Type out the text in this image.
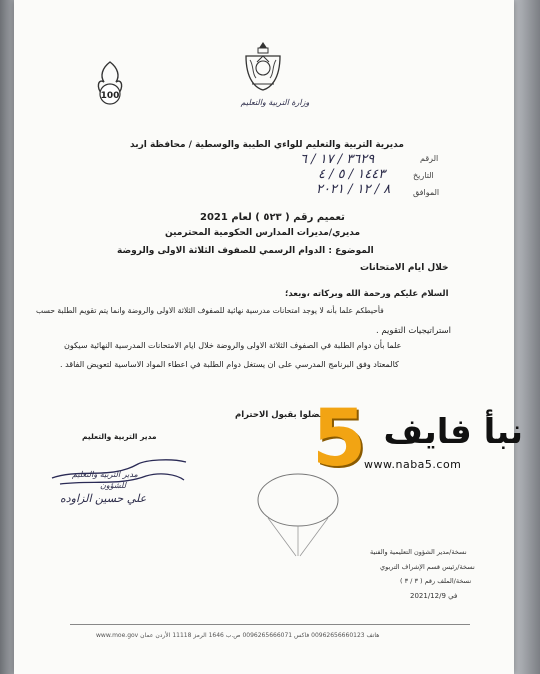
100
وزارة التربية والتعليم
مديرية التربية والتعليم للواءي الطيبة والوسطية / محافظة اربد
الرقم
٣٦٢٩ / ١٧ / ٦
التاريخ
١٤٤٣ / ٥ / ٤
الموافق
٨ / ١٢ / ٢٠٢١
تعميم رقم ( ٥٢٣ ) لعام 2021
مديري/مديرات المدارس الحكومية المحترمين
الموضوع : الدوام الرسمي للصفوف الثلاثة الاولى والروضة
خلال ايام الامتحانات
السلام عليكم ورحمة الله وبركاته ،وبعد؛
فأحيطكم علما بأنه لا يوجد امتحانات مدرسية نهائية للصفوف الثلاثة الاولى والروضة وانما يتم تقويم الطلبة حسب
استراتيجيات التقويم .
علما بأن دوام الطلبة في الصفوف الثلاثة الاولى والروضة خلال ايام الامتحانات المدرسية النهائية سيكون
كالمعتاد وفق البرنامج المدرسي على ان يستغل دوام الطلبة في اعطاء المواد الاساسية لتعويض الفاقد .
وتفضلوا بقبول الاحترام
مدير التربية والتعليم
مدير التربية والتعليم
للشؤون
علي حسين الزاوده
نبأ فايف
5
www.naba5.com
نسخة/مدير الشؤون التعليمية والفنية
نسخة/رئيس قسم الإشراف التربوي
نسخة/الملف رقم ( ٣ / ٣ )
في 2021/12/9
www.moe.gov هاتف 00962656660123 فاكس 0096265666071 ص.ب 1646 الرمز 11118 الأردن عمان
